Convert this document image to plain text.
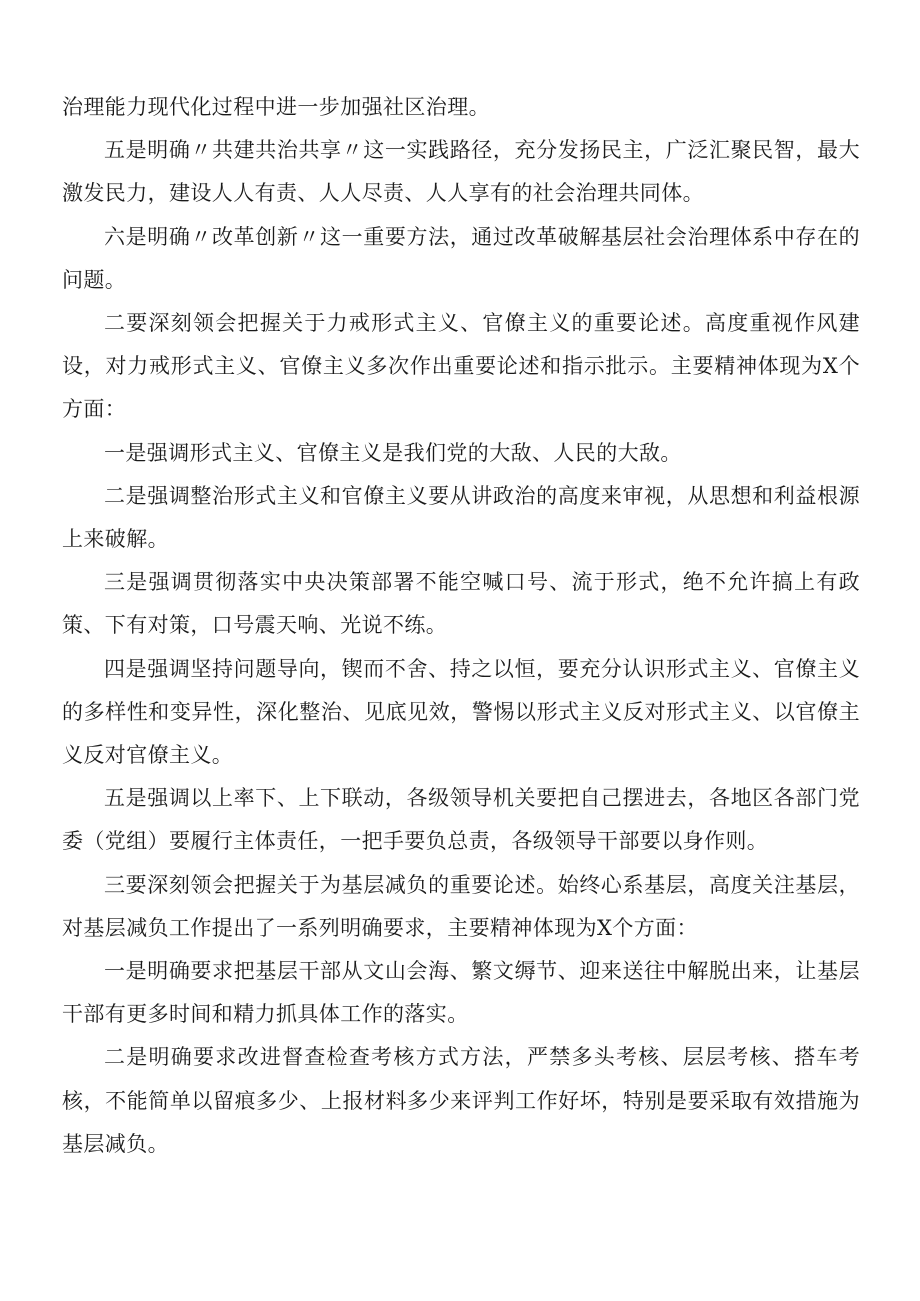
治理能力现代化过程中进一步加强社区治理。

五是明确〃共建共治共享〃这一实践路径，充分发扬民主，广泛汇聚民智，最大激发民力，建设人人有责、人人尽责、人人享有的社会治理共同体。

六是明确〃改革创新〃这一重要方法，通过改革破解基层社会治理体系中存在的问题。

二要深刻领会把握关于力戒形式主义、官僚主义的重要论述。高度重视作风建设，对力戒形式主义、官僚主义多次作出重要论述和指示批示。主要精神体现为X个方面：

一是强调形式主义、官僚主义是我们党的大敌、人民的大敌。

二是强调整治形式主义和官僚主义要从讲政治的高度来审视，从思想和利益根源上来破解。

三是强调贯彻落实中央决策部署不能空喊口号、流于形式，绝不允许搞上有政策、下有对策，口号震天响、光说不练。

四是强调坚持问题导向，锲而不舍、持之以恒，要充分认识形式主义、官僚主义的多样性和变异性，深化整治、见底见效，警惕以形式主义反对形式主义、以官僚主义反对官僚主义。

五是强调以上率下、上下联动，各级领导机关要把自己摆进去，各地区各部门党委（党组）要履行主体责任，一把手要负总责，各级领导干部要以身作则。

三要深刻领会把握关于为基层减负的重要论述。始终心系基层，高度关注基层，对基层减负工作提出了一系列明确要求，主要精神体现为X个方面：

一是明确要求把基层干部从文山会海、繁文缛节、迎来送往中解脱出来，让基层干部有更多时间和精力抓具体工作的落实。

二是明确要求改进督查检查考核方式方法，严禁多头考核、层层考核、搭车考核，不能简单以留痕多少、上报材料多少来评判工作好坏，特别是要采取有效措施为基层减负。
